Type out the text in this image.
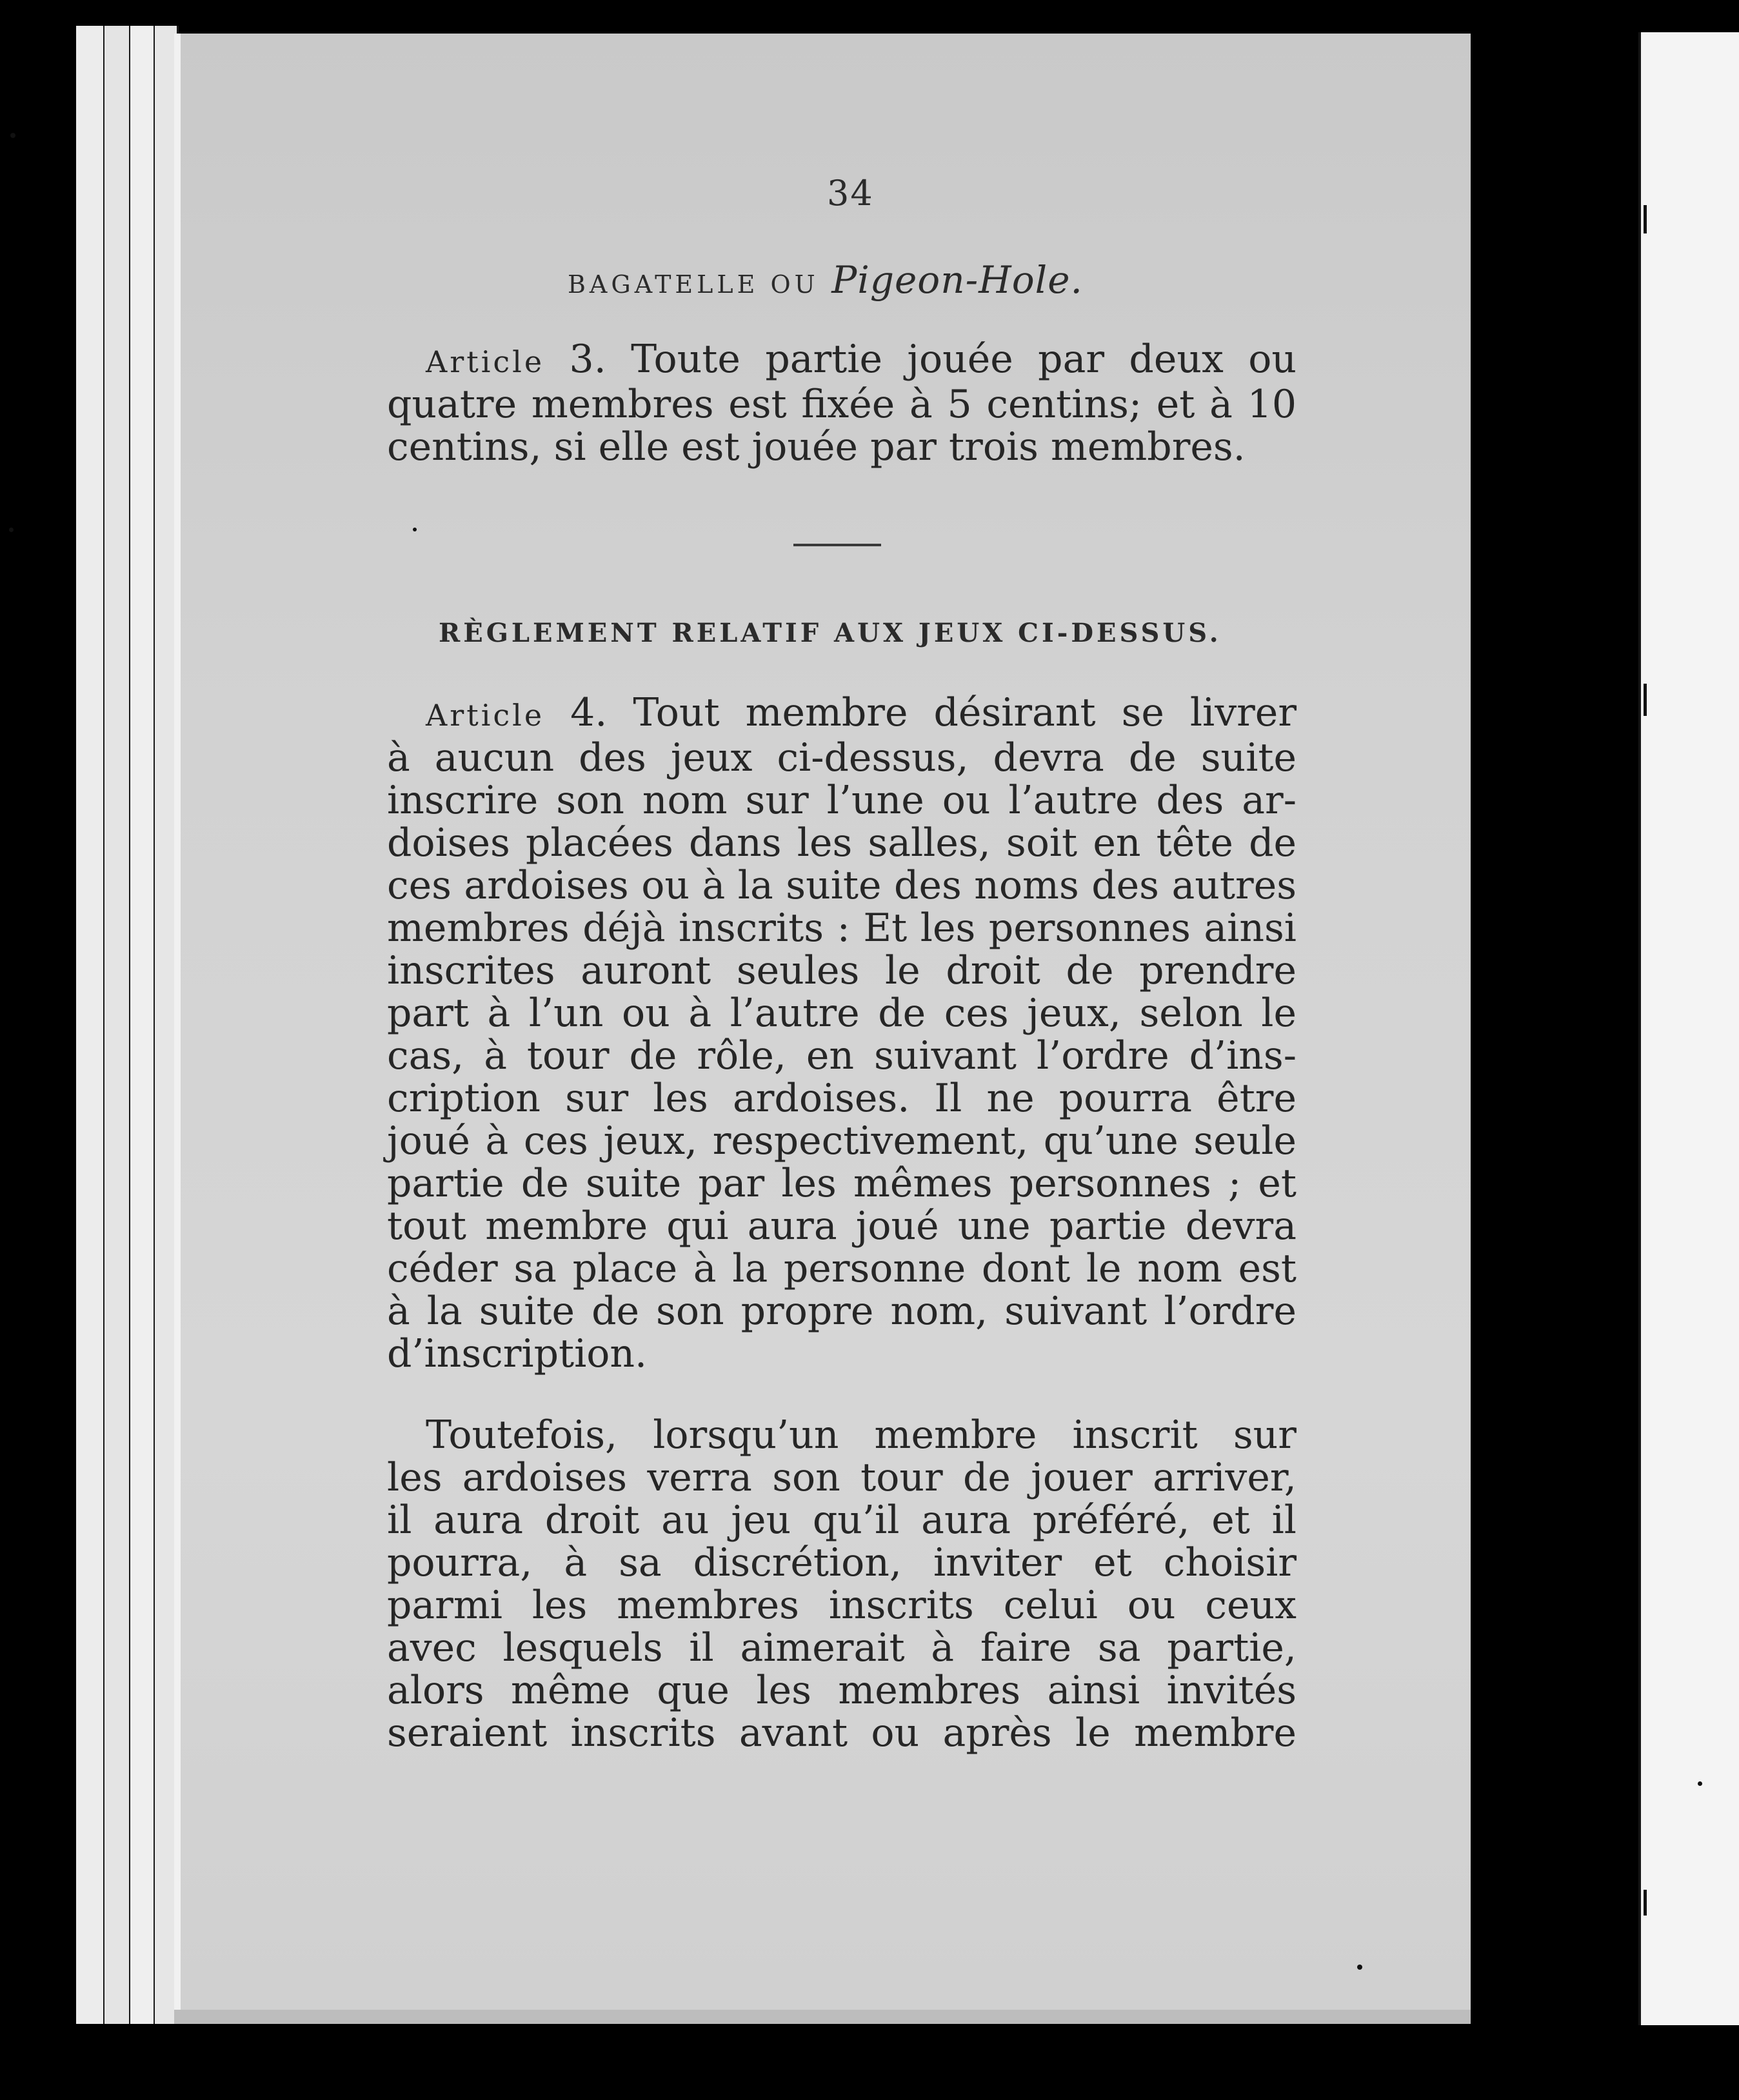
34
BAGATELLE OU Pigeon-Hole.
Article 3. Toute partie jouée par deux ou
quatre membres est fixée à 5 centins; et à 10
centins, si elle est jouée par trois membres.
RÈGLEMENT RELATIF AUX JEUX CI-DESSUS.
Article 4. Tout membre désirant se livrer
à aucun des jeux ci-dessus, devra de suite
inscrire son nom sur l’une ou l’autre des ar-
doises placées dans les salles, soit en tête de
ces ardoises ou à la suite des noms des autres
membres déjà inscrits : Et les personnes ainsi
inscrites auront seules le droit de prendre
part à l’un ou à l’autre de ces jeux, selon le
cas, à tour de rôle, en suivant l’ordre d’ins-
cription sur les ardoises. Il ne pourra être
joué à ces jeux, respectivement, qu’une seule
partie de suite par les mêmes personnes ; et
tout membre qui aura joué une partie devra
céder sa place à la personne dont le nom est
à la suite de son propre nom, suivant l’ordre
d’inscription.
Toutefois, lorsqu’un membre inscrit sur
les ardoises verra son tour de jouer arriver,
il aura droit au jeu qu’il aura préféré, et il
pourra, à sa discrétion, inviter et choisir
parmi les membres inscrits celui ou ceux
avec lesquels il aimerait à faire sa partie,
alors même que les membres ainsi invités
seraient inscrits avant ou après le membre
